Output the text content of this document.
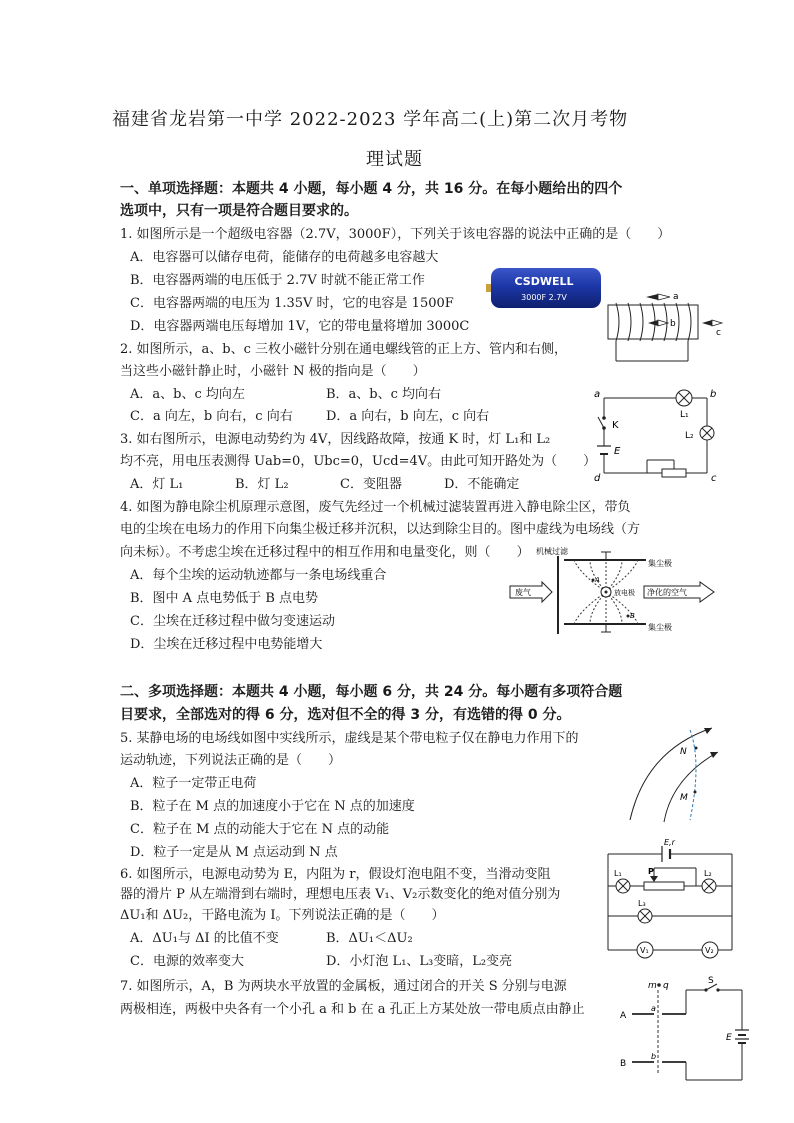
福建省龙岩第一中学 2022-2023 学年高二(上)第二次月考物
理试题
一、单项选择题：本题共 4 小题，每小题 4 分，共 16 分。在每小题给出的四个
选项中，只有一项是符合题目要求的。
1. 如图所示是一个超级电容器（2.7V，3000F），下列关于该电容器的说法中正确的是（　　）
A．电容器可以储存电荷，能储存的电荷越多电容越大
B．电容器两端的电压低于 2.7V 时就不能正常工作
C．电容器两端的电压为 1.35V 时，它的电容是 1500F
D．电容器两端电压每增加 1V，它的带电量将增加 3000C
2. 如图所示，a、b、c 三枚小磁针分别在通电螺线管的正上方、管内和右侧，
当这些小磁针静止时，小磁针 N 极的指向是（　　）
A．a、b、c 均向左	B．a、b、c 均向右
C．a 向左，b 向右，c 向右	D．a 向右，b 向左，c 向右
3. 如右图所示，电源电动势约为 4V，因线路故障，按通 K 时，灯 L₁和 L₂
均不亮，用电压表测得 Uab=0，Ubc=0，Ucd=4V。由此可知开路处为（　　）
A．灯 L₁	B．灯 L₂	C．变阻器	D．不能确定
4. 如图为静电除尘机原理示意图，废气先经过一个机械过滤装置再进入静电除尘区，带负
电的尘埃在电场力的作用下向集尘极迁移并沉积，以达到除尘目的。图中虚线为电场线（方
向未标）。不考虑尘埃在迁移过程中的相互作用和电量变化，则（　　）
A．每个尘埃的运动轨迹都与一条电场线重合
B．图中 A 点电势低于 B 点电势
C．尘埃在迁移过程中做匀变速运动
D．尘埃在迁移过程中电势能增大
二、多项选择题：本题共 4 小题，每小题 6 分，共 24 分。每小题有多项符合题
目要求，全部选对的得 6 分，选对但不全的得 3 分，有选错的得 0 分。
5. 某静电场的电场线如图中实线所示，虚线是某个带电粒子仅在静电力作用下的
运动轨迹，下列说法正确的是（　　）
A．粒子一定带正电荷
B．粒子在 M 点的加速度小于它在 N 点的加速度
C．粒子在 M 点的动能大于它在 N 点的动能
D．粒子一定是从 M 点运动到 N 点
6. 如图所示，电源电动势为 E，内阻为 r，假设灯泡电阻不变，当滑动变阻
器的滑片 P 从左端滑到右端时，理想电压表 V₁、V₂示数变化的绝对值分别为
ΔU₁和 ΔU₂，干路电流为 I。下列说法正确的是（　　）
A．ΔU₁与 ΔI 的比值不变	B．ΔU₁＜ΔU₂
C．电源的效率变大	D．小灯泡 L₁、L₃变暗，L₂变亮
7. 如图所示，A，B 为两块水平放置的金属板，通过闭合的开关 S 分别与电源
两极相连，两极中央各有一个小孔 a 和 b 在 a 孔正上方某处放一带电质点由静止
CSDWELL
3000F 2.7V	a
b
c
a	b
c
d
K
L₁
L₂
E
机械过滤
集尘极
放电极
废气	净化的空气
A
B
集尘极
N
M
E,r
L₁	P	L₂
L₃
V₁	V₂
m q
A
a
B
b
S
E
